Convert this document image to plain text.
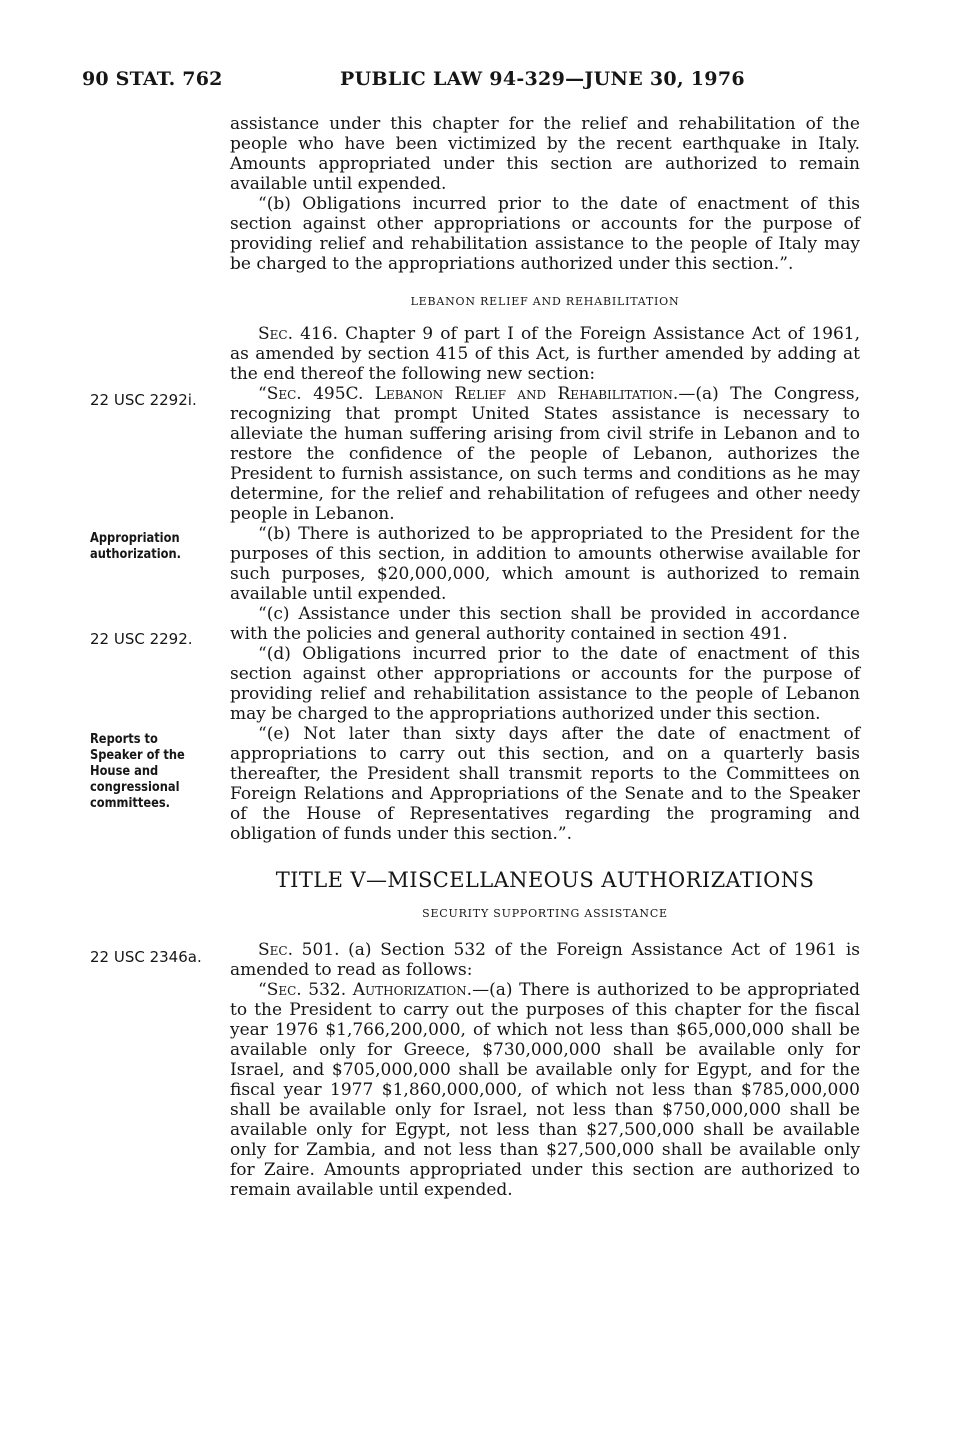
90 STAT. 762	PUBLIC LAW 94-329—JUNE 30, 1976
22 USC 2292i.
Appropriation authorization.
22 USC 2292.
Reports to Speaker of the House and congressional committees.
22 USC 2346a.

assistance under this chapter for the relief and rehabilitation of the people who have been victimized by the recent earthquake in Italy. Amounts appropriated under this section are authorized to remain available until expended.

“(b) Obligations incurred prior to the date of enactment of this section against other appropriations or accounts for the purpose of providing relief and rehabilitation assistance to the people of Italy may be charged to the appropriations authorized under this section.”.

LEBANON RELIEF AND REHABILITATION

Sec. 416. Chapter 9 of part I of the Foreign Assistance Act of 1961, as amended by section 415 of this Act, is further amended by adding at the end thereof the following new section:

“Sec. 495C. Lebanon Relief and Rehabilitation.—(a) The Congress, recognizing that prompt United States assistance is necessary to alleviate the human suffering arising from civil strife in Lebanon and to restore the confidence of the people of Lebanon, authorizes the President to furnish assistance, on such terms and conditions as he may determine, for the relief and rehabilitation of refugees and other needy people in Lebanon.

“(b) There is authorized to be appropriated to the President for the purposes of this section, in addition to amounts otherwise available for such purposes, $20,000,000, which amount is authorized to remain available until expended.

“(c) Assistance under this section shall be provided in accordance with the policies and general authority contained in section 491.

“(d) Obligations incurred prior to the date of enactment of this section against other appropriations or accounts for the purpose of providing relief and rehabilitation assistance to the people of Lebanon may be charged to the appropriations authorized under this section.

“(e) Not later than sixty days after the date of enactment of appropriations to carry out this section, and on a quarterly basis thereafter, the President shall transmit reports to the Committees on Foreign Relations and Appropriations of the Senate and to the Speaker of the House of Representatives regarding the programing and obligation of funds under this section.”.

TITLE V—MISCELLANEOUS AUTHORIZATIONS

SECURITY SUPPORTING ASSISTANCE

Sec. 501. (a) Section 532 of the Foreign Assistance Act of 1961 is amended to read as follows:

“Sec. 532. Authorization.—(a) There is authorized to be appropriated to the President to carry out the purposes of this chapter for the fiscal year 1976 $1,766,200,000, of which not less than $65,000,000 shall be available only for Greece, $730,000,000 shall be available only for Israel, and $705,000,000 shall be available only for Egypt, and for the fiscal year 1977 $1,860,000,000, of which not less than $785,000,000 shall be available only for Israel, not less than $750,000,000 shall be available only for Egypt, not less than $27,500,000 shall be available only for Zambia, and not less than $27,500,000 shall be available only for Zaire. Amounts appropriated under this section are authorized to remain available until expended.
